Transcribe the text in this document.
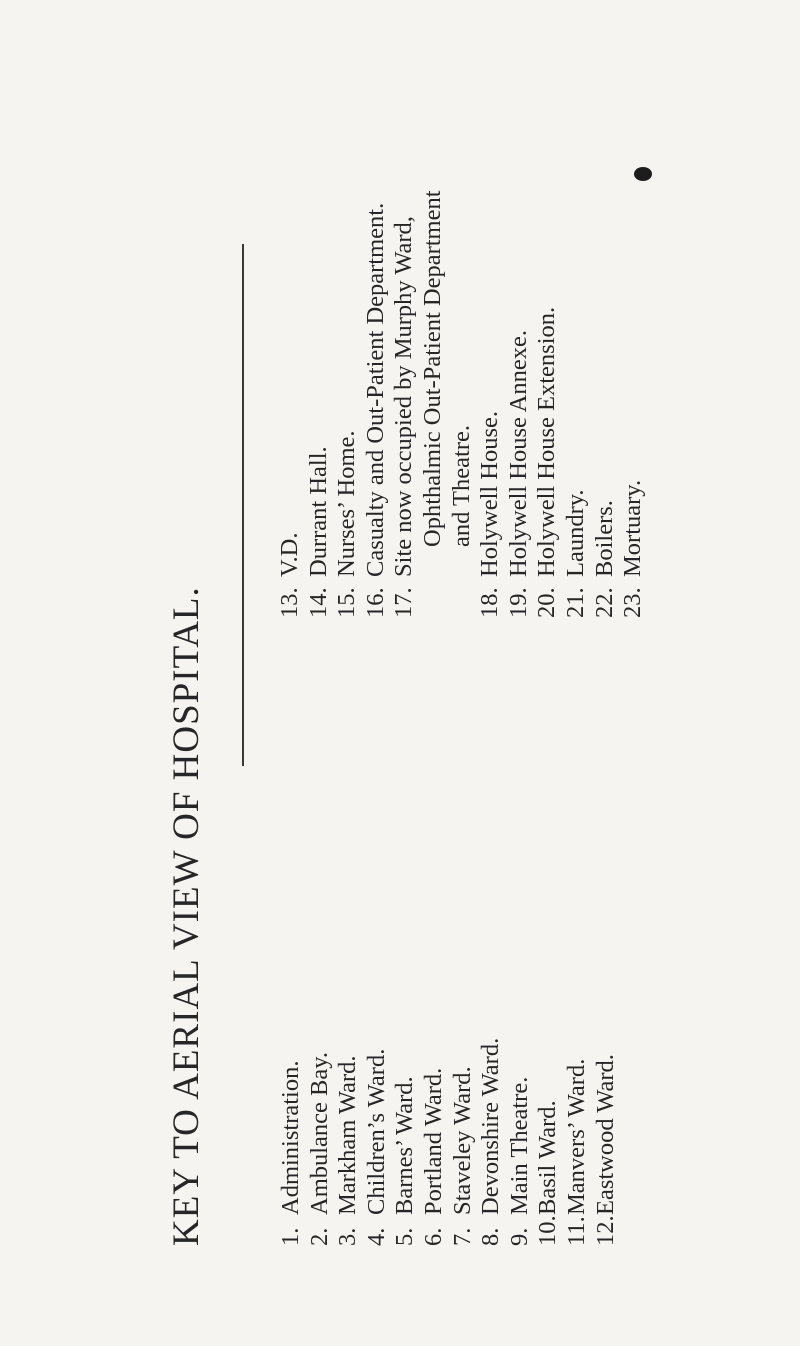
KEY TO AERIAL VIEW OF HOSPITAL.	1.Administration.
2.Ambulance Bay.
3.Markham Ward.
4.Children’s Ward.
5.Barnes’ Ward.
6.Portland Ward.
7.Staveley Ward.
8.Devonshire Ward.
9.Main Theatre.
10.Basil Ward.
11.Manvers’ Ward.
12.Eastwood Ward.
13.V.D.
14.Durrant Hall.
15.Nurses’ Home.
16.Casualty and Out-Patient Department.
17.Site now occupied by Murphy Ward, Ophthalmic Out-Patient Department and Theatre.
18.Holywell House.
19.Holywell House Annexe.
20.Holywell House Extension.
21.Laundry.
22.Boilers.
23.Mortuary.
